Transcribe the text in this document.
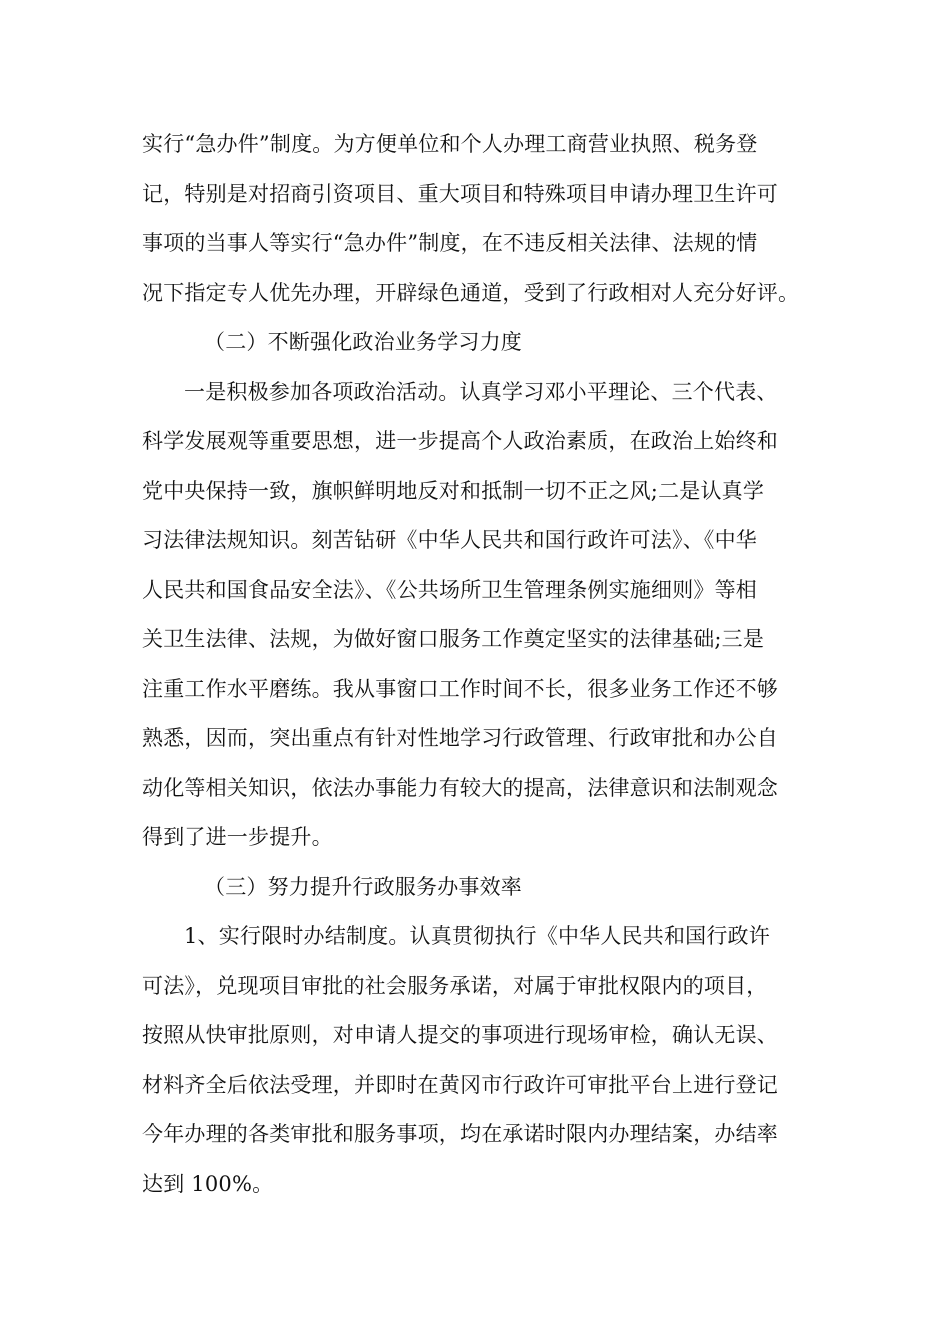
实行“急办件”制度。为方便单位和个人办理工商营业执照、税务登
记，特别是对招商引资项目、重大项目和特殊项目申请办理卫生许可
事项的当事人等实行“急办件”制度，在不违反相关法律、法规的情
况下指定专人优先办理，开辟绿色通道，受到了行政相对人充分好评。
（二）不断强化政治业务学习力度
一是积极参加各项政治活动。认真学习邓小平理论、三个代表、
科学发展观等重要思想，进一步提高个人政治素质，在政治上始终和
党中央保持一致，旗帜鲜明地反对和抵制一切不正之风;二是认真学
习法律法规知识。刻苦钻研《中华人民共和国行政许可法》、《中华
人民共和国食品安全法》、《公共场所卫生管理条例实施细则》等相
关卫生法律、法规，为做好窗口服务工作奠定坚实的法律基础;三是
注重工作水平磨练。我从事窗口工作时间不长，很多业务工作还不够
熟悉，因而，突出重点有针对性地学习行政管理、行政审批和办公自
动化等相关知识，依法办事能力有较大的提高，法律意识和法制观念
得到了进一步提升。
（三）努力提升行政服务办事效率
1、实行限时办结制度。认真贯彻执行《中华人民共和国行政许
可法》，兑现项目审批的社会服务承诺，对属于审批权限内的项目，
按照从快审批原则，对申请人提交的事项进行现场审检，确认无误、
材料齐全后依法受理，并即时在黄冈市行政许可审批平台上进行登记
今年办理的各类审批和服务事项，均在承诺时限内办理结案，办结率
达到 100%。
